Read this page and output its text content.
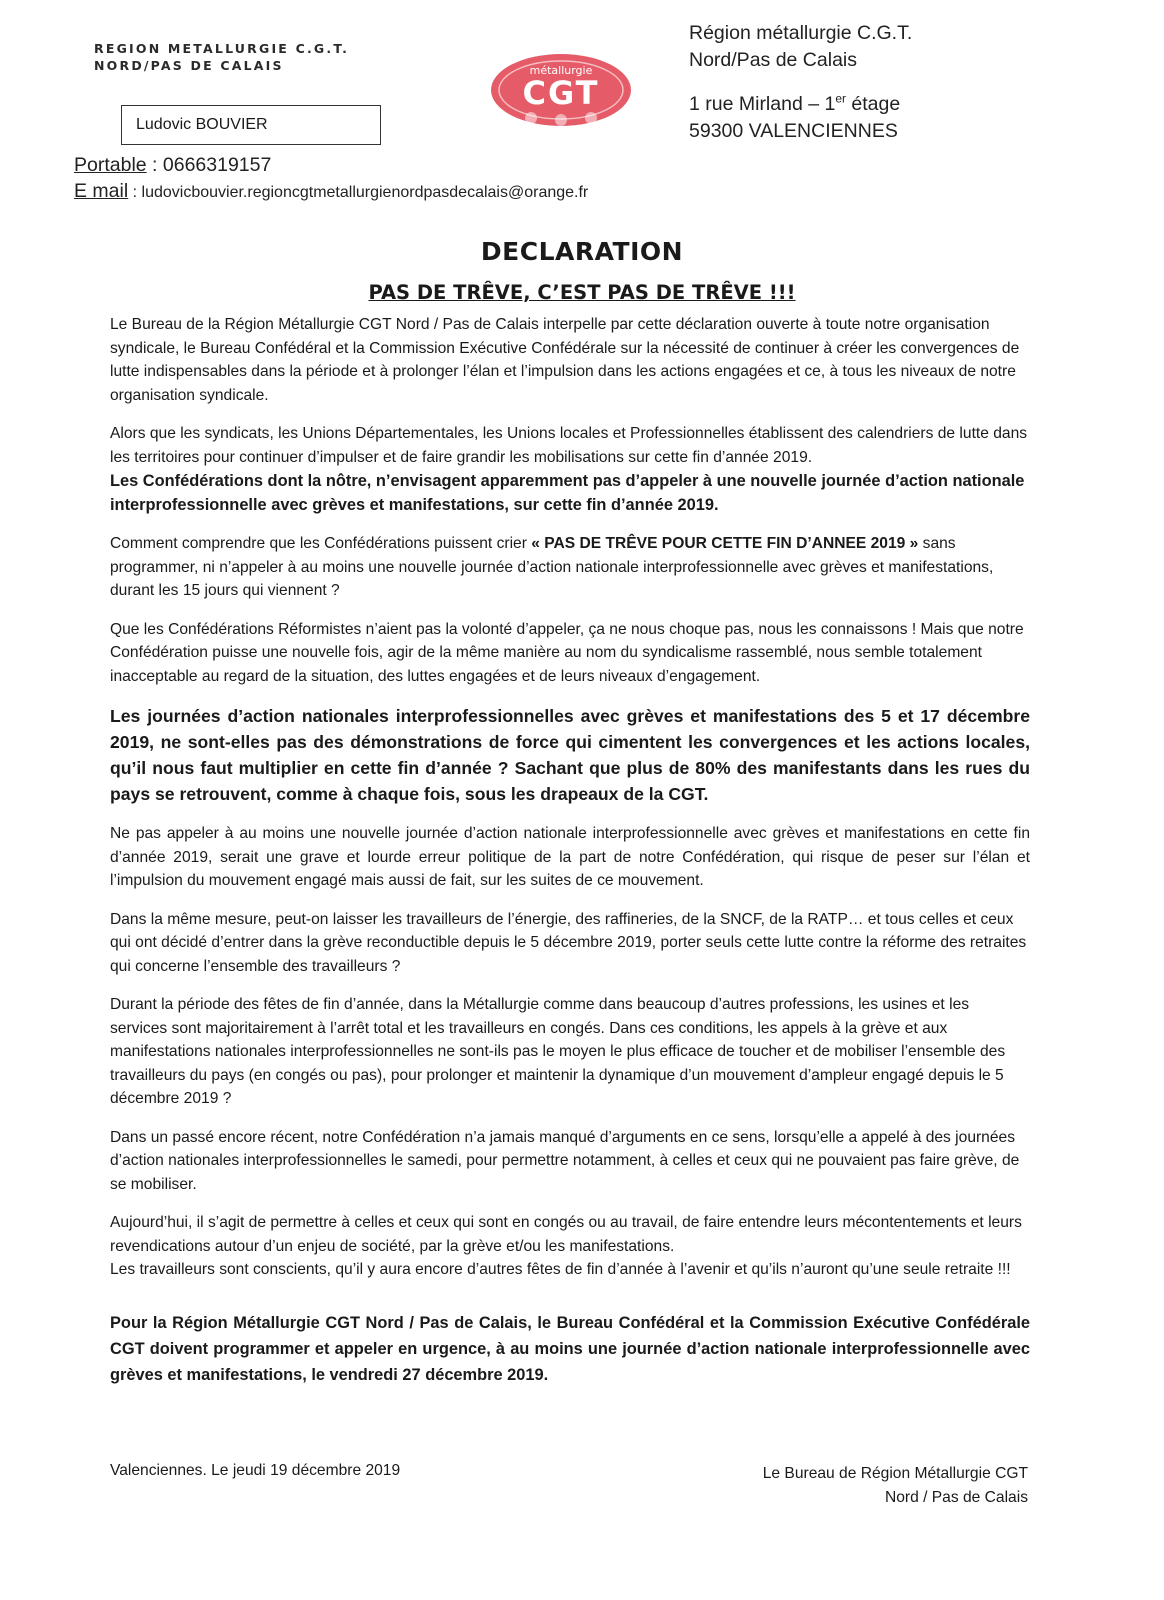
REGION METALLURGIE C.G.T.
NORD/PAS DE CALAIS	métallurgie
CGT
Région métallurgie C.G.T.
Nord/Pas de Calais
1 rue Mirland – 1er étage
59300 VALENCIENNES
Ludovic BOUVIER
Portable : 0666319157
E mail : ludovicbouvier.regioncgtmetallurgienordpasdecalais@orange.fr
DECLARATION
PAS DE TRÊVE, C’EST PAS DE TRÊVE !!!

Le Bureau de la Région Métallurgie CGT Nord / Pas de Calais interpelle par cette déclaration ouverte à toute notre organisation syndicale, le Bureau Confédéral et la Commission Exécutive Confédérale sur la nécessité de continuer à créer les convergences de lutte indispensables dans la période et à prolonger l’élan et l’impulsion dans les actions engagées et ce, à tous les niveaux de notre organisation syndicale.

Alors que les syndicats, les Unions Départementales, les Unions locales et Professionnelles établissent des calendriers de lutte dans les territoires pour continuer d’impulser et de faire grandir les mobilisations sur cette fin d’année 2019.

Les Confédérations dont la nôtre, n’envisagent apparemment pas d’appeler à une nouvelle journée d’action nationale interprofessionnelle avec grèves et manifestations, sur cette fin d’année 2019.

Comment comprendre que les Confédérations puissent crier « PAS DE TRÊVE POUR CETTE FIN D’ANNEE 2019 » sans programmer, ni n’appeler à au moins une nouvelle journée d’action nationale interprofessionnelle avec grèves et manifestations, durant les 15 jours qui viennent ?

Que les Confédérations Réformistes n’aient pas la volonté d’appeler, ça ne nous choque pas, nous les connaissons ! Mais que notre Confédération puisse une nouvelle fois, agir de la même manière au nom du syndicalisme rassemblé, nous semble totalement inacceptable au regard de la situation, des luttes engagées et de leurs niveaux d’engagement.

Les journées d’action nationales interprofessionnelles avec grèves et manifestations des 5 et 17 décembre 2019, ne sont-elles pas des démonstrations de force qui cimentent les convergences et les actions locales, qu’il nous faut multiplier en cette fin d’année ? Sachant que plus de 80% des manifestants dans les rues du pays se retrouvent, comme à chaque fois, sous les drapeaux de la CGT.

Ne pas appeler à au moins une nouvelle journée d’action nationale interprofessionnelle avec grèves et manifestations en cette fin d’année 2019, serait une grave et lourde erreur politique de la part de notre Confédération, qui risque de peser sur l’élan et l’impulsion du mouvement engagé mais aussi de fait, sur les suites de ce mouvement.

Dans la même mesure, peut-on laisser les travailleurs de l’énergie, des raffineries, de la SNCF, de la RATP… et tous celles et ceux qui ont décidé d’entrer dans la grève reconductible depuis le 5 décembre 2019, porter seuls cette lutte contre la réforme des retraites qui concerne l’ensemble des travailleurs ?

Durant la période des fêtes de fin d’année, dans la Métallurgie comme dans beaucoup d’autres professions, les usines et les services sont majoritairement à l’arrêt total et les travailleurs en congés. Dans ces conditions, les appels à la grève et aux manifestations nationales interprofessionnelles ne sont-ils pas le moyen le plus efficace de toucher et de mobiliser l’ensemble des travailleurs du pays (en congés ou pas), pour prolonger et maintenir la dynamique d’un mouvement d’ampleur engagé depuis le 5 décembre 2019 ?

Dans un passé encore récent, notre Confédération n’a jamais manqué d’arguments en ce sens, lorsqu’elle a appelé à des journées d’action nationales interprofessionnelles le samedi, pour permettre notamment, à celles et ceux qui ne pouvaient pas faire grève, de se mobiliser.

Aujourd’hui, il s’agit de permettre à celles et ceux qui sont en congés ou au travail, de faire entendre leurs mécontentements et leurs revendications autour d’un enjeu de société, par la grève et/ou les manifestations.

Les travailleurs sont conscients, qu’il y aura encore d’autres fêtes de fin d’année à l’avenir et qu’ils n’auront qu’une seule retraite !!!

Pour la Région Métallurgie CGT Nord / Pas de Calais, le Bureau Confédéral et la Commission Exécutive Confédérale CGT doivent programmer et appeler en urgence, à au moins une journée d’action nationale interprofessionnelle avec grèves et manifestations, le vendredi 27 décembre 2019.

Valenciennes. Le jeudi 19 décembre 2019	Le Bureau de Région Métallurgie CGT
Nord / Pas de Calais
